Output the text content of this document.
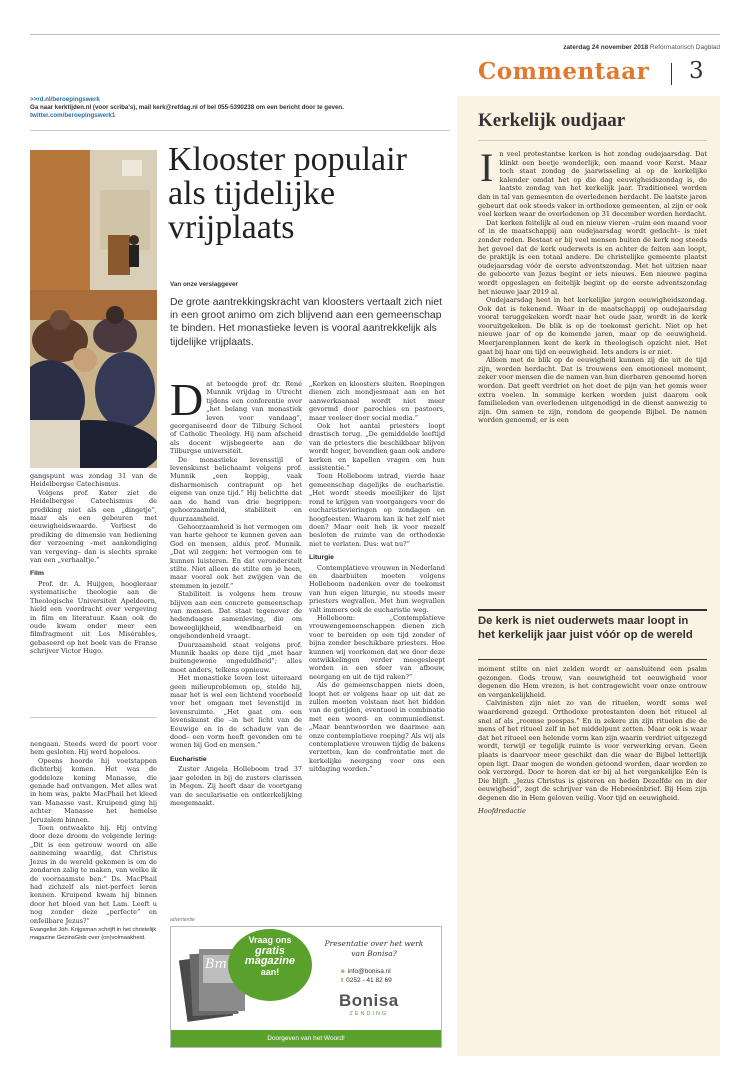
zaterdag 24 november 2018 Reformatorisch Dagblad
Commentaar 3
>>rd.nl/beroepingswerk
Ga naar kerktijden.nl (voor scriba's), mail kerk@refdag.nl of bel 055-5390238 om een bericht door te geven.
twitter.com/beroepingswerk1

gangspunt was zondag 31 van de Heidelbergse Catechismus.

Volgens prof. Kater ziet de Heidelbergse Catechismus de prediking niet als een „dingetje”, maar als een gebeuren met eeuwigheidswaarde. Verliest de prediking de dimensie van bediening der verzoening –met aankondiging van vergeving– dan is slechts sprake van een „verhaaltje.”

Film

Prof. dr. A. Huijgen, hoogleraar systematische theologie aan de Theologische Universiteit Apeldoorn, hield een voordracht over vergeving in film en literatuur. Kaan ook de oude kwam onder meer een filmfragment uit Les Misérables, gebaseerd op het boek van de Franse schrijver Victor Hugo.

nengaan. Steeds werd de poort voor hem gesloten. Hij werd hopeloos.

Opeens hoorde hij voetstappen dichterbij komen. Het was de goddeloze koning Manasse, die genade had ontvangen. Met alles wat in hem was, pakte MacPhail het kleed van Manasse vast. Kruipend ging hij achter Manasse het hemelse Jeruzalem binnen.

Toen ontwaakte hij. Hij ontving door deze droom de volgende lering: „Dit is een getrouw woord en alle aanneming waardig, dat Christus Jezus in de wereld gekomen is om de zondaren zalig te maken, van welke ik de voornaamste ben.” Ds. MacPhail had zichzelf als niet-perfect leren kennen. Kruipend kwam hij binnen door het bloed van het Lam. Leeft u nog zonder deze „perfecte” en onfeilbare Jezus?”

Evangelist Joh. Krijgsman schrijft in het christelijk magazine GezinsGids over (on)volmaakheid.

Klooster populair als tijdelijke vrijplaats
Van onze verslaggever
De grote aantrekkingskracht van kloosters vertaalt zich niet in een groot animo om zich blijvend aan een gemeenschap te binden. Het monastieke leven is vooral aantrekkelijk als tijdelijke vrijplaats.
D at betoogde prof. dr. René Munnik vrijdag in Utrecht tijdens een conferentie over „het belang van monastiek leven voor vandaag”, georganiseerd door de Tilburg School of Catholic Theology. Hij nam afscheid als docent wijsbegeerte aan de Tilburgse universiteit.

De monastieke levensstijl of levenskunst belichaamt volgens prof. Munnik „een koppig, vaak disharmonisch contrapunt op het eigene van onze tijd.” Hij belichtte dat aan de hand van drie begrippen: gehoorzaamheid, stabiliteit en duurzaamheid.

Gehoorzaamheid is het vermogen om van harte gehoor te kunnen geven aan God en mensen, aldus prof. Munnik. „Dat wil zeggen: het vermogen om te kunnen luisteren. En dat veronderstelt stilte. Niet alleen de stilte om je heen, maar vooral ook het zwijgen van de stemmen in jezelf.”

Stabiliteit is volgens hem trouw blijven aan een concrete gemeenschap van mensen. Dat staat tegenover de hedendaagse samenleving, die om beweeglijkheid, wendbaarheid en ongebondenheid vraagt.

Duurzaamheid staat volgens prof. Munnik haaks op deze tijd „met haar buitengewone ongeduldheid”; alles moet anders, telkens opnieuw.

Het monastieke leven lost uiteraard geen milieuproblemen op, stelde hij, maar het is wel een lichtend voorbeeld voor het omgaan met levenstijd in levensruimte. „Het gaat om een levenskunst die –in het licht van de Eeuwige en in de schaduw van de dood– een vorm heeft gevonden om te wonen bij God en mensen.”

Eucharistie

Zuster Angela Holleboom trad 37 jaar geleden in bij de zusters clarissen in Megen. Zij heeft daar de voortgang van de secularisatie en ontkerkelijking meegemaakt.

„Kerken en kloosters sluiten. Roepingen dienen zich mondjesmaat aan en het aanwerkaanaal wordt niet meer gevormd door parochies en pastoors, maar veeleer door social media.”

Ook het aantal priesters loopt drastisch terug. „De gemiddelde leeftijd van de priesters die beschikbaar blijven wordt hoger, bovendien gaan ook andere kerken en kapellen vragen om hun assistentie.”

Toen Holleboom intrad, vierde haar gemeenschap dagelijks de eucharistie. „Het wordt steeds moeilijker de lijst rond te krijgen van voorgangers voor de eucharistievieringen op zondagen en hoogfeesten. Waarom kan ik het zelf niet doen? Maar ooit heb ik voor mezelf besloten de ruimte van de orthodoxie niet te verlaten. Dus: wat nu?”

Liturgie

Contemplatieve vrouwen in Nederland en daarbuiten moeten volgens Holleboom nadenken over de toekomst van hun eigen liturgie, nu steeds meer priesters wegvallen. Met hun wegvallen valt immers ook de eucharistie weg.

Holleboom: „Contemplatieve vrouwengemeenschappen dienen zich voor te bereiden op een tijd zonder of bijna zonder beschikbare priesters. Hoe kunnen wij voorkomen dat we door deze ontwikkelingen verder meegesleept worden in een sfeer van afbouw, neergang en uit de tijd raken?”

Als de gemeenschappen niets doen, loopt het er volgens haar op uit dat ze zullen moeten volstaan met het bidden van de getijden, eventueel in combinatie met een woord- en communiedienst. „Maar beantwoorden we daarmee aan onze contemplatieve roeping? Als wij als contemplatieve vrouwen tijdig de bakens verzetten, kan de confrontatie met de kerkelijke neergang voor ons een uitdaging worden.”

advertentie
Bm
Vraag ons
gratis
magazine
aan!
Presentatie over het werk van Bonisa?
e info@bonisa.nl
t 0252 - 41 82 69
Bonisa
ZENDING
Doorgeven van het Woord!
Kerkelijk oudjaar
I n veel protestantse kerken is het zondag oudejaarsdag. Dat klinkt een beetje wonderlijk, een maand voor Kerst. Maar toch staat zondag de jaarwisseling al op de kerkelijke kalender omdat het op die dag eeuwigheidszondag is, de laatste zondag van het kerkelijk jaar. Traditioneel worden dan in tal van gemeenten de overledenen herdacht. De laatste jaren gebeurt dat ook steeds vaker in orthodoxe gemeenten, al zijn er ook veel kerken waar de overledenen op 31 december worden herdacht.

Dat kerken feitelijk al oud en nieuw vieren –ruim een maand voor of in de maatschappij aan oudejaarsdag wordt gedacht– is niet zonder reden. Bestaat er bij veel mensen buiten de kerk nog steeds het gevoel dat de kerk ouderwets is en achter de feiten aan loopt, de praktijk is een totaal andere. De christelijke gemeente plaatst oudejaarsdag vóór de eerste adventszondag. Met het uitzien naar de geboorte van Jezus begint er iets nieuws. Een nieuwe pagina wordt opgeslagen en feitelijk begint op de eerste adventszondag het nieuwe jaar 2019 al.

Oudejaarsdag heet in het kerkelijke jargon eeuwigheidszondag. Ook dat is tekenend. Waar in de maatschappij op oudejaarsdag vooral teruggekeken wordt naar het oude jaar, wordt in de kerk vooruitgekeken. De blik is op de toekomst gericht. Niet op het nieuwe jaar of op de komende jaren, maar op de eeuwigheid. Meerjarenplannen kent de kerk in theologisch opzicht niet. Het gaat bij haar om tijd en eeuwigheid. Iets anders is er niet.

Alleen met de blik op de eeuwigheid kunnen zij die uit de tijd zijn, worden herdacht. Dat is trouwens een emotioneel moment, zeker voor mensen die de namen van hun dierbaren genoemd horen worden. Dat geeft verdriet en het doet de pijn van het gemis weer extra voelen. In sommige kerken worden juist daarom ook familieleden van overledenen uitgenodigd in de dienst aanwezig te zijn. Om samen te zijn, rondom de geopende Bijbel. De namen worden genoemd, er is een

De kerk is niet ouderwets maar loopt in het kerkelijk jaar juist vóór op de wereld

moment stilte en niet zelden wordt er aansluitend een psalm gezongen. Gods trouw, van eeuwigheid tot eeuwigheid voor degenen die Hem vrezen, is het contragewicht voor onze ontrouw en vergankelijkheid.

Calvinisten zijn niet zo van de rituelen, wordt soms wel waarderend gezegd. Orthodoxe protestanten doen het ritueel al snel af als „roomse poespas.” En in zekere zin zijn rituelen die de mens of het ritueel zelf in het middelpunt zetten. Maar ook is waar dat het ritueel een helende vorm kan zijn waarin verdriet uitgezegd wordt, terwijl er tegelijk ruimte is voor verwerking ervan. Geen plaats is daarvoor meer geschikt dan die waar de Bijbel letterlijk open ligt. Daar mogen de wonden getoond worden, daar worden ze ook verzorgd. Door te horen dat er bij al het vergankelijke Eén is Die blijft. „Jezus Christus is gisteren en heden Dezelfde en in der eeuwigheid”, zegt de schrijver van de Hebreeënbrief. Bij Hem zijn degenen die in Hem geloven veilig. Voor tijd en eeuwigheid.

Hoofdredactie
